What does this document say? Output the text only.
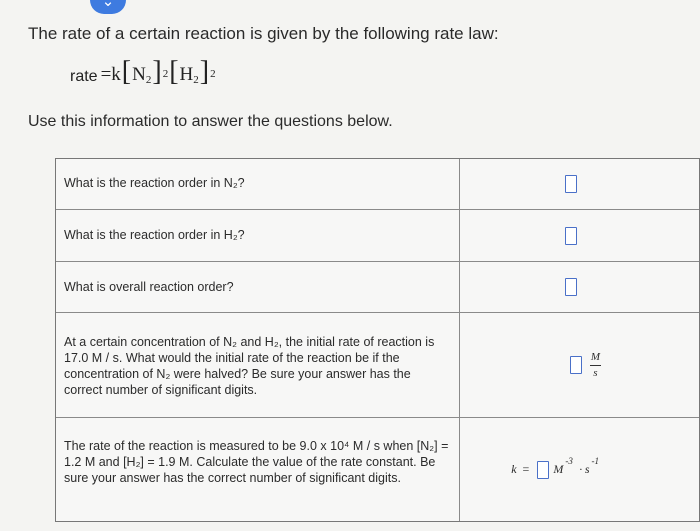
⌄
The rate of a certain reaction is given by the following rate law:
rate = k [ $N_2$ ]$^2$ [ $H_2$ ]$^2$
Use this information to answer the questions below.
What is the reaction order in N₂?
What is the reaction order in H₂?
What is overall reaction order?
At a certain concentration of N₂ and H₂, the initial rate of reaction is 17.0 M / s. What would the initial rate of the reaction be if the concentration of N₂ were halved? Be sure your answer has the correct number of significant digits.
$\frac{M}{s}$
The rate of the reaction is measured to be 9.0 x 10⁴ M / s when [N₂] = 1.2 M and [H₂] = 1.9 M. Calculate the value of the rate constant. Be sure your answer has the correct number of significant digits.
k = M
-3
· s
-1
